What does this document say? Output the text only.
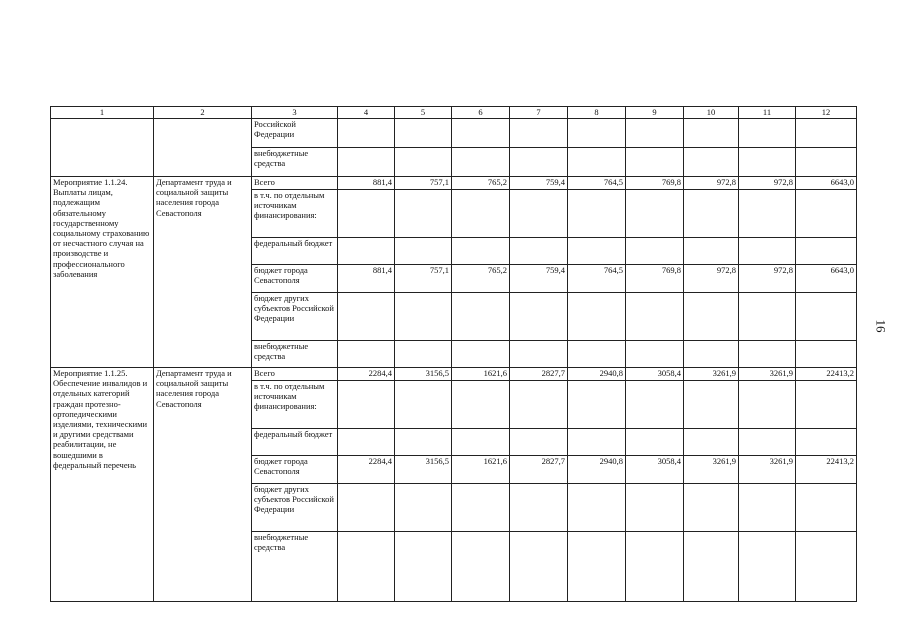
1	2	3	4	5	6	7	8	9	10	11	12
		Российской Федерации									
		внебюджетные средства									
Мероприятие 1.1.24. Выплаты лицам, подлежащим обязательному государственному социальному страхованию от несчастного случая на производстве и профессионального заболевания	Департамент труда и социальной защиты населения города Севастополя	Всего	881,4	757,1	765,2	759,4	764,5	769,8	972,8	972,8	6643,0
		в т.ч. по отдельным источникам финансирования:									
		федеральный бюджет									
		бюджет города Севастополя	881,4	757,1	765,2	759,4	764,5	769,8	972,8	972,8	6643,0
		бюджет других субъектов Российской Федерации									
		внебюджетные средства									
Мероприятие 1.1.25. Обеспечение инвалидов и отдельных категорий граждан протезно-ортопедическими изделиями, техническими и другими средствами реабилитации, не вошедшими в федеральный перечень	Департамент труда и социальной защиты населения города Севастополя	Всего	2284,4	3156,5	1621,6	2827,7	2940,8	3058,4	3261,9	3261,9	22413,2
		в т.ч. по отдельным источникам финансирования:									
		федеральный бюджет									
		бюджет города Севастополя	2284,4	3156,5	1621,6	2827,7	2940,8	3058,4	3261,9	3261,9	22413,2
		бюджет других субъектов Российской Федерации									
		внебюджетные средства									
16
